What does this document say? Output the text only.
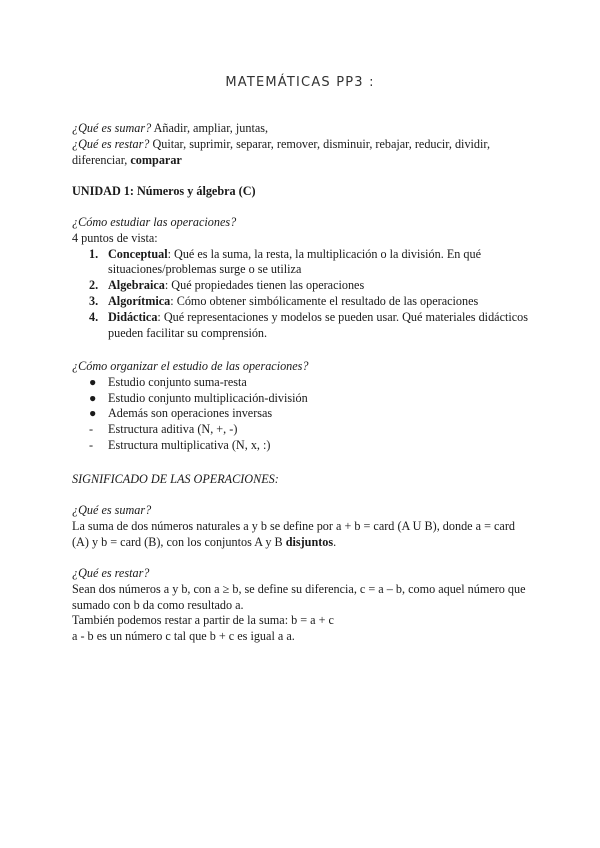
MATEMÁTICAS PP3 :
¿Qué es sumar? Añadir, ampliar, juntas,
¿Qué es restar? Quitar, suprimir, separar, remover, disminuir, rebajar, reducir, dividir, diferenciar, comparar
UNIDAD 1: Números y álgebra (C)
¿Cómo estudiar las operaciones?
4 puntos de vista:
1. Conceptual: Qué es la suma, la resta, la multiplicación o la división. En qué situaciones/problemas surge o se utiliza
2. Algebraica: Qué propiedades tienen las operaciones
3. Algorítmica: Cómo obtener simbólicamente el resultado de las operaciones
4. Didáctica: Qué representaciones y modelos se pueden usar. Qué materiales didácticos pueden facilitar su comprensión.
¿Cómo organizar el estudio de las operaciones?
● Estudio conjunto suma-resta
● Estudio conjunto multiplicación-división
● Además son operaciones inversas
- Estructura aditiva (N, +, -)
- Estructura multiplicativa (N, x, :)
SIGNIFICADO DE LAS OPERACIONES:
¿Qué es sumar?
La suma de dos números naturales a y b se define por a + b = card (A U B), donde a = card (A) y b = card (B), con los conjuntos A y B disjuntos.
¿Qué es restar?
Sean dos números a y b, con a ≥ b, se define su diferencia, c = a – b, como aquel número que sumado con b da como resultado a.
También podemos restar a partir de la suma: b = a + c
a - b es un número c tal que b + c es igual a a.
